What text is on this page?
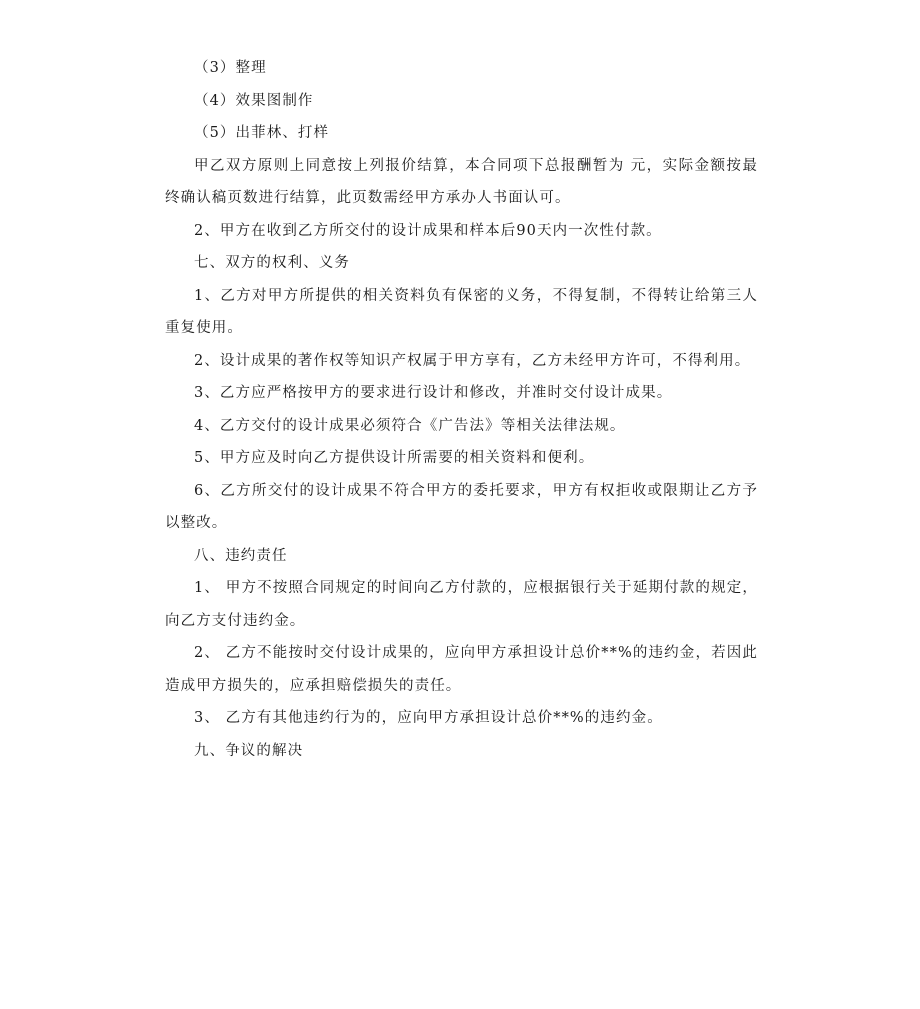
（3）整理

（4）效果图制作

（5）出菲林、打样

甲乙双方原则上同意按上列报价结算，本合同项下总报酬暂为 元，实际金额按最终确认稿页数进行结算，此页数需经甲方承办人书面认可。

2、甲方在收到乙方所交付的设计成果和样本后90天内一次性付款。

七、双方的权利、义务

1、乙方对甲方所提供的相关资料负有保密的义务，不得复制，不得转让给第三人重复使用。

2、设计成果的著作权等知识产权属于甲方享有，乙方未经甲方许可，不得利用。

3、乙方应严格按甲方的要求进行设计和修改，并准时交付设计成果。

4、乙方交付的设计成果必须符合《广告法》等相关法律法规。

5、甲方应及时向乙方提供设计所需要的相关资料和便利。

6、乙方所交付的设计成果不符合甲方的委托要求，甲方有权拒收或限期让乙方予以整改。

八、违约责任

1、 甲方不按照合同规定的时间向乙方付款的，应根据银行关于延期付款的规定，向乙方支付违约金。

2、 乙方不能按时交付设计成果的，应向甲方承担设计总价**%的违约金，若因此造成甲方损失的，应承担赔偿损失的责任。

3、 乙方有其他违约行为的，应向甲方承担设计总价**%的违约金。

九、争议的解决
